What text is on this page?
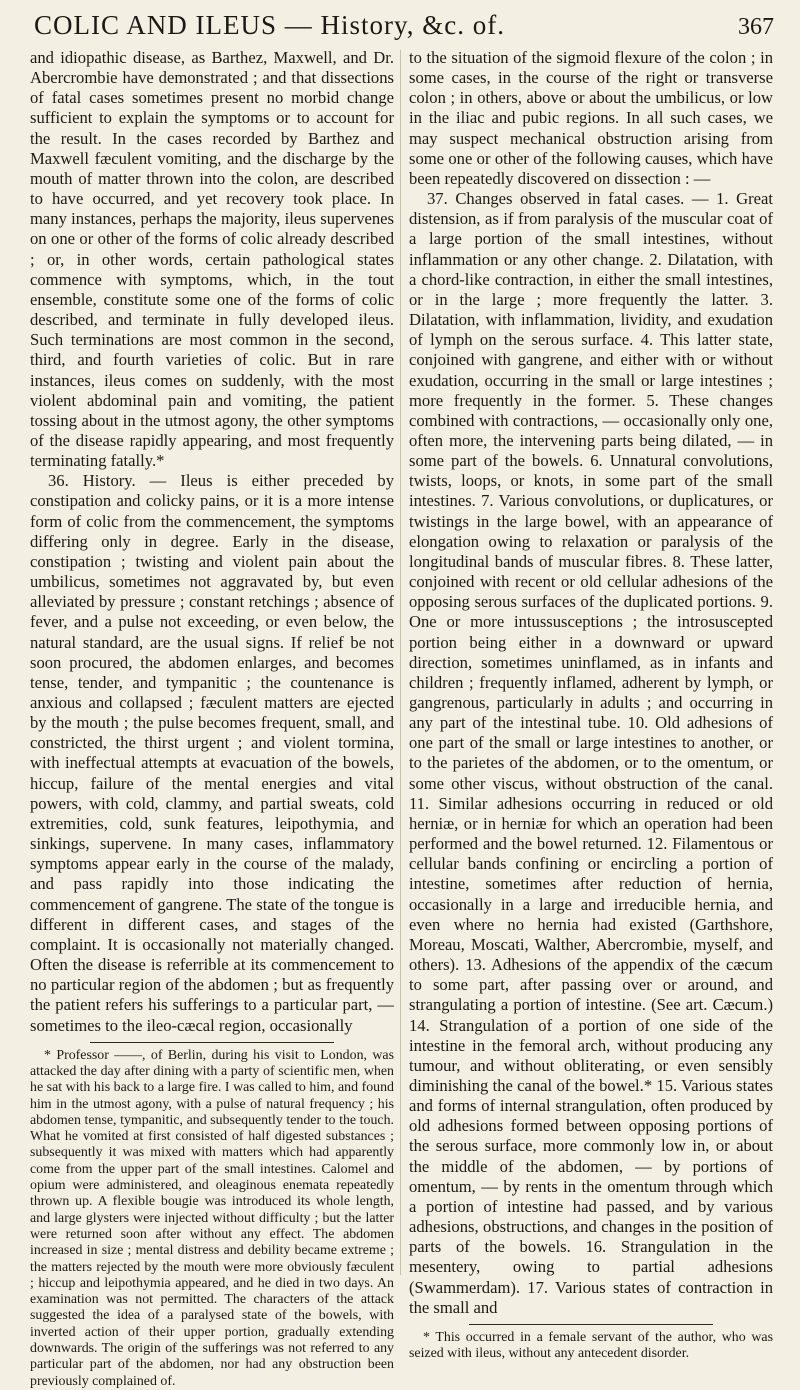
COLIC AND ILEUS — History, &c. of.	367

and idiopathic disease, as Barthez, Maxwell, and Dr. Abercrombie have demonstrated ; and that dissections of fatal cases sometimes present no morbid change sufficient to explain the symptoms or to account for the result. In the cases recorded by Barthez and Maxwell fæculent vomiting, and the discharge by the mouth of matter thrown into the colon, are described to have occurred, and yet recovery took place. In many instances, perhaps the majority, ileus supervenes on one or other of the forms of colic already described ; or, in other words, certain pathological states commence with symptoms, which, in the tout ensemble, constitute some one of the forms of colic described, and terminate in fully developed ileus. Such terminations are most common in the second, third, and fourth varieties of colic. But in rare instances, ileus comes on suddenly, with the most violent abdominal pain and vomiting, the patient tossing about in the utmost agony, the other symptoms of the disease rapidly appearing, and most frequently terminating fatally.*

36. History. — Ileus is either preceded by constipation and colicky pains, or it is a more intense form of colic from the commencement, the symptoms differing only in degree. Early in the disease, constipation ; twisting and violent pain about the umbilicus, sometimes not aggravated by, but even alleviated by pressure ; constant retchings ; absence of fever, and a pulse not exceeding, or even below, the natural standard, are the usual signs. If relief be not soon procured, the abdomen enlarges, and becomes tense, tender, and tympanitic ; the countenance is anxious and collapsed ; fæculent matters are ejected by the mouth ; the pulse becomes frequent, small, and constricted, the thirst urgent ; and violent tormina, with ineffectual attempts at evacuation of the bowels, hiccup, failure of the mental energies and vital powers, with cold, clammy, and partial sweats, cold extremities, cold, sunk features, leipothymia, and sinkings, supervene. In many cases, inflammatory symptoms appear early in the course of the malady, and pass rapidly into those indicating the commencement of gangrene. The state of the tongue is different in different cases, and stages of the complaint. It is occasionally not materially changed. Often the disease is referrible at its commencement to no particular region of the abdomen ; but as frequently the patient refers his sufferings to a particular part, — sometimes to the ileo-cæcal region, occasionally

* Professor ——, of Berlin, during his visit to London, was attacked the day after dining with a party of scientific men, when he sat with his back to a large fire. I was called to him, and found him in the utmost agony, with a pulse of natural frequency ; his abdomen tense, tympanitic, and subsequently tender to the touch. What he vomited at first consisted of half digested substances ; subsequently it was mixed with matters which had apparently come from the upper part of the small intestines. Calomel and opium were administered, and oleaginous enemata repeatedly thrown up. A flexible bougie was introduced its whole length, and large glysters were injected without difficulty ; but the latter were returned soon after without any effect. The abdomen increased in size ; mental distress and debility became extreme ; the matters rejected by the mouth were more obviously fæculent ; hiccup and leipothymia appeared, and he died in two days. An examination was not permitted. The characters of the attack suggested the idea of a paralysed state of the bowels, with inverted action of their upper portion, gradually extending downwards. The origin of the sufferings was not referred to any particular part of the abdomen, nor had any obstruction been previously complained of.

to the situation of the sigmoid flexure of the colon ; in some cases, in the course of the right or transverse colon ; in others, above or about the umbilicus, or low in the iliac and pubic regions. In all such cases, we may suspect mechanical obstruction arising from some one or other of the following causes, which have been repeatedly discovered on dissection : —

37. Changes observed in fatal cases. — 1. Great distension, as if from paralysis of the muscular coat of a large portion of the small intestines, without inflammation or any other change. 2. Dilatation, with a chord-like contraction, in either the small intestines, or in the large ; more frequently the latter. 3. Dilatation, with inflammation, lividity, and exudation of lymph on the serous surface. 4. This latter state, conjoined with gangrene, and either with or without exudation, occurring in the small or large intestines ; more frequently in the former. 5. These changes combined with contractions, — occasionally only one, often more, the intervening parts being dilated, — in some part of the bowels. 6. Unnatural convolutions, twists, loops, or knots, in some part of the small intestines. 7. Various convolutions, or duplicatures, or twistings in the large bowel, with an appearance of elongation owing to relaxation or paralysis of the longitudinal bands of muscular fibres. 8. These latter, conjoined with recent or old cellular adhesions of the opposing serous surfaces of the duplicated portions. 9. One or more intussusceptions ; the introsuscepted portion being either in a downward or upward direction, sometimes uninflamed, as in infants and children ; frequently inflamed, adherent by lymph, or gangrenous, particularly in adults ; and occurring in any part of the intestinal tube. 10. Old adhesions of one part of the small or large intestines to another, or to the parietes of the abdomen, or to the omentum, or some other viscus, without obstruction of the canal. 11. Similar adhesions occurring in reduced or old herniæ, or in herniæ for which an operation had been performed and the bowel returned. 12. Filamentous or cellular bands confining or encircling a portion of intestine, sometimes after reduction of hernia, occasionally in a large and irreducible hernia, and even where no hernia had existed (Garthshore, Moreau, Moscati, Walther, Abercrombie, myself, and others). 13. Adhesions of the appendix of the cæcum to some part, after passing over or around, and strangulating a portion of intestine. (See art. Cæcum.) 14. Strangulation of a portion of one side of the intestine in the femoral arch, without producing any tumour, and without obliterating, or even sensibly diminishing the canal of the bowel.* 15. Various states and forms of internal strangulation, often produced by old adhesions formed between opposing portions of the serous surface, more commonly low in, or about the middle of the abdomen, — by portions of omentum, — by rents in the omentum through which a portion of intestine had passed, and by various adhesions, obstructions, and changes in the position of parts of the bowels. 16. Strangulation in the mesentery, owing to partial adhesions (Swammerdam). 17. Various states of contraction in the small and

* This occurred in a female servant of the author, who was seized with ileus, without any antecedent disorder.
